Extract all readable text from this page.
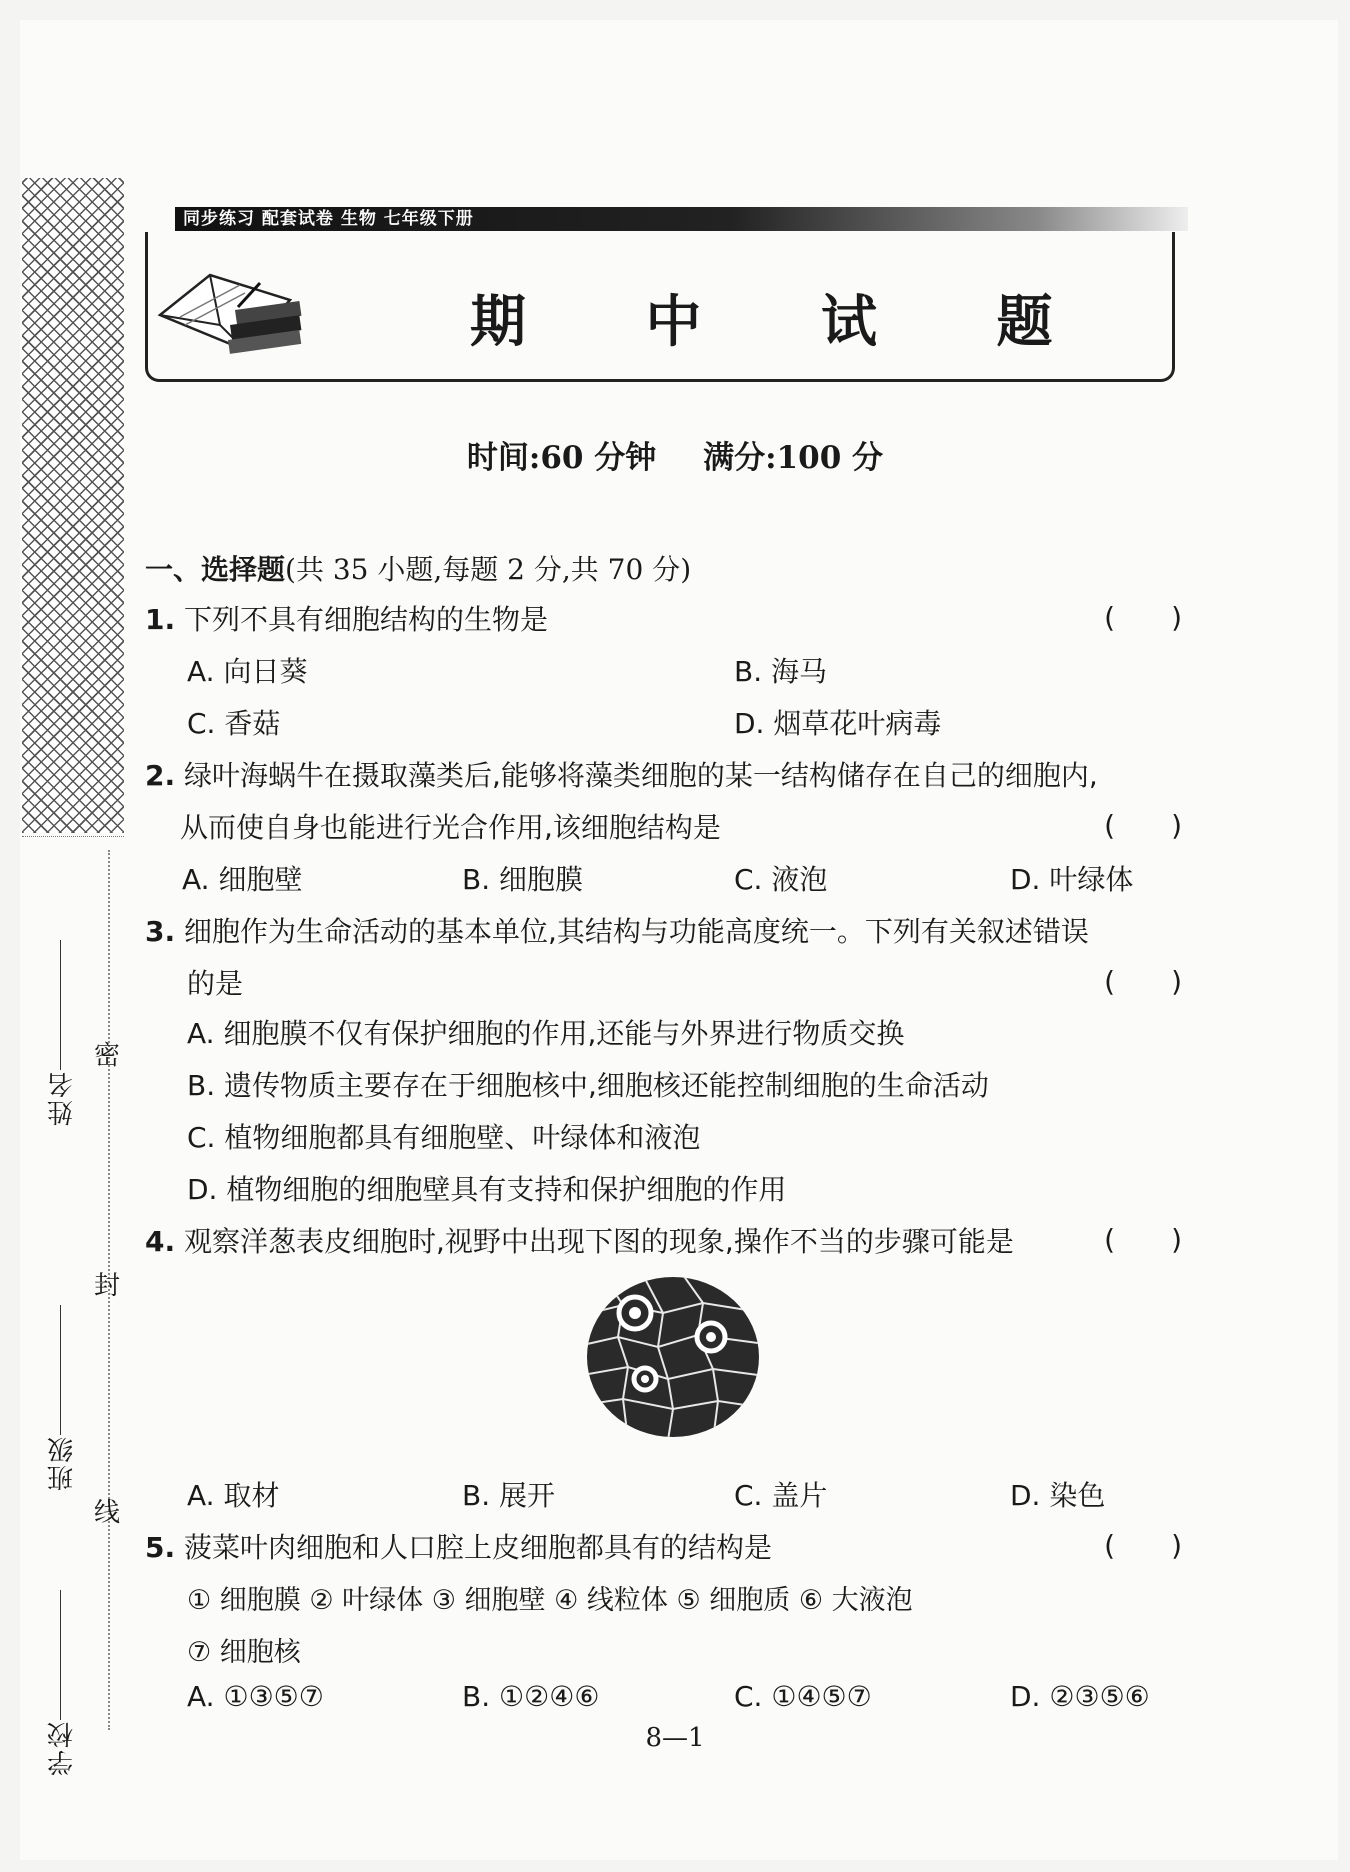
姓名
班级
学校
密
封
线
同步练习 配套试卷 生物 七年级下册
期 中 试 题
时间:60 分钟 满分:100 分
一、选择题(共 35 小题,每题 2 分,共 70 分)
1. 下列不具有细胞结构的生物是	(　　)
A. 向日葵	B. 海马
C. 香菇	D. 烟草花叶病毒
2. 绿叶海蜗牛在摄取藻类后,能够将藻类细胞的某一结构储存在自己的细胞内,
从而使自身也能进行光合作用,该细胞结构是	(　　)
A. 细胞壁	B. 细胞膜	C. 液泡	D. 叶绿体
3. 细胞作为生命活动的基本单位,其结构与功能高度统一。下列有关叙述错误
的是	(　　)
A. 细胞膜不仅有保护细胞的作用,还能与外界进行物质交换
B. 遗传物质主要存在于细胞核中,细胞核还能控制细胞的生命活动
C. 植物细胞都具有细胞壁、叶绿体和液泡
D. 植物细胞的细胞壁具有支持和保护细胞的作用
4. 观察洋葱表皮细胞时,视野中出现下图的现象,操作不当的步骤可能是	(　　)
A. 取材	B. 展开	C. 盖片	D. 染色
5. 菠菜叶肉细胞和人口腔上皮细胞都具有的结构是	(　　)
① 细胞膜 ② 叶绿体 ③ 细胞壁 ④ 线粒体 ⑤ 细胞质 ⑥ 大液泡
⑦ 细胞核
A. ①③⑤⑦	B. ①②④⑥	C. ①④⑤⑦	D. ②③⑤⑥
8—1
